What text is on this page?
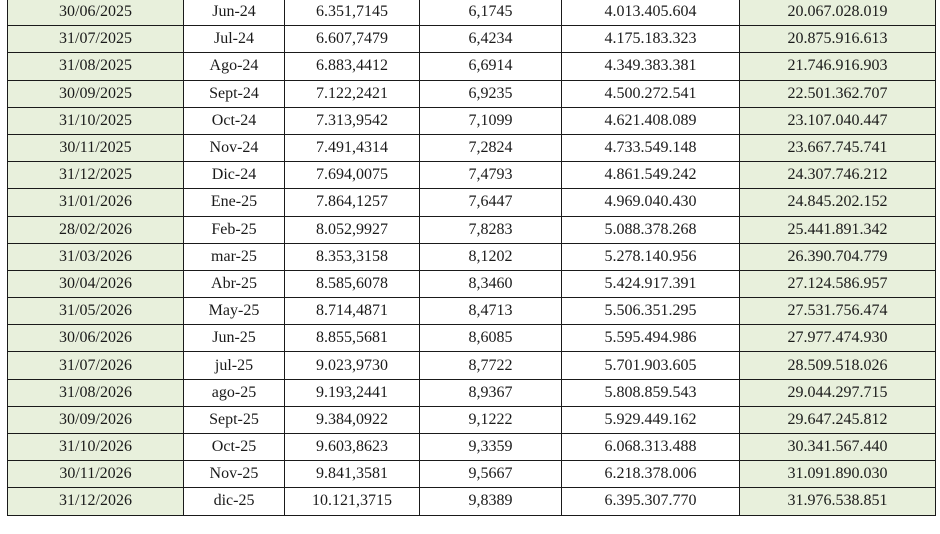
30/06/2025	Jun-24	6.351,7145	6,1745	4.013.405.604	20.067.028.019
31/07/2025	Jul-24	6.607,7479	6,4234	4.175.183.323	20.875.916.613
31/08/2025	Ago-24	6.883,4412	6,6914	4.349.383.381	21.746.916.903
30/09/2025	Sept-24	7.122,2421	6,9235	4.500.272.541	22.501.362.707
31/10/2025	Oct-24	7.313,9542	7,1099	4.621.408.089	23.107.040.447
30/11/2025	Nov-24	7.491,4314	7,2824	4.733.549.148	23.667.745.741
31/12/2025	Dic-24	7.694,0075	7,4793	4.861.549.242	24.307.746.212
31/01/2026	Ene-25	7.864,1257	7,6447	4.969.040.430	24.845.202.152
28/02/2026	Feb-25	8.052,9927	7,8283	5.088.378.268	25.441.891.342
31/03/2026	mar-25	8.353,3158	8,1202	5.278.140.956	26.390.704.779
30/04/2026	Abr-25	8.585,6078	8,3460	5.424.917.391	27.124.586.957
31/05/2026	May-25	8.714,4871	8,4713	5.506.351.295	27.531.756.474
30/06/2026	Jun-25	8.855,5681	8,6085	5.595.494.986	27.977.474.930
31/07/2026	jul-25	9.023,9730	8,7722	5.701.903.605	28.509.518.026
31/08/2026	ago-25	9.193,2441	8,9367	5.808.859.543	29.044.297.715
30/09/2026	Sept-25	9.384,0922	9,1222	5.929.449.162	29.647.245.812
31/10/2026	Oct-25	9.603,8623	9,3359	6.068.313.488	30.341.567.440
30/11/2026	Nov-25	9.841,3581	9,5667	6.218.378.006	31.091.890.030
31/12/2026	dic-25	10.121,3715	9,8389	6.395.307.770	31.976.538.851
